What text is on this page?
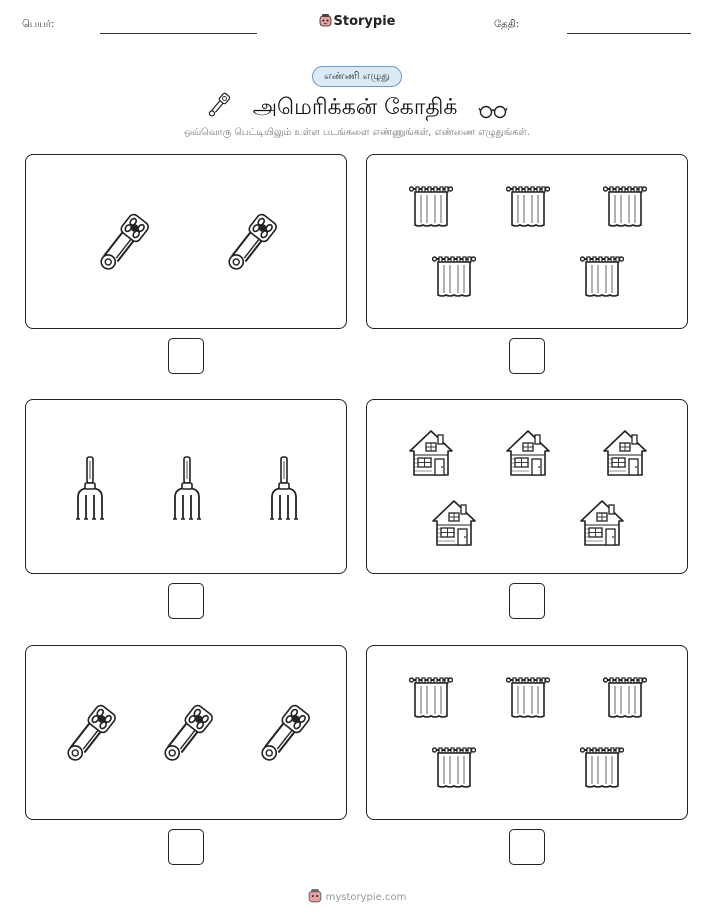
பெயர்:	Storypie	தேதி:
எண்ணி எழுது
அமெரிக்கன் கோதிக்
ஒவ்வொரு பெட்டியிலும் உள்ள படங்களை எண்ணுங்கள், எண்ணை எழுதுங்கள்.
mystorypie.com
